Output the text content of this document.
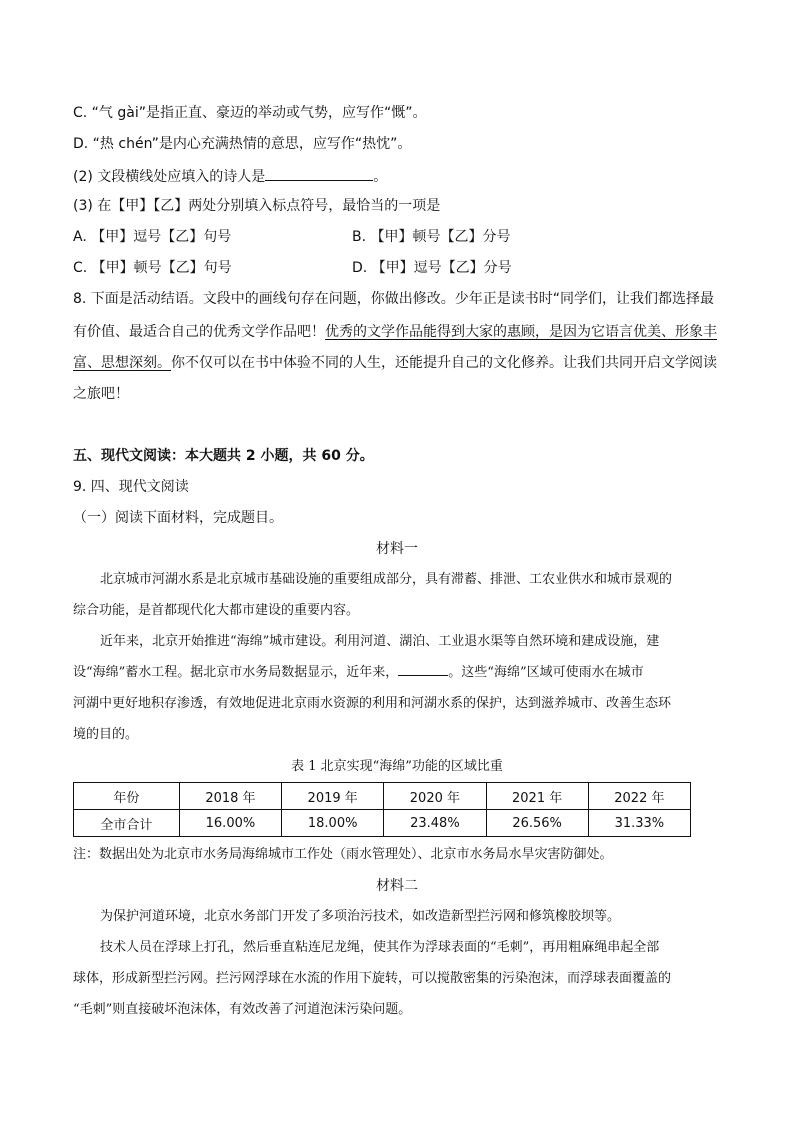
C. “气 gài”是指正直、豪迈的举动或气势，应写作“慨”。
D. “热 chén”是内心充满热情的意思，应写作“热忱”。
(2) 文段横线处应填入的诗人是	。
(3) 在【甲】【乙】两处分别填入标点符号，最恰当的一项是
A. 【甲】逗号【乙】句号	B. 【甲】顿号【乙】分号
C. 【甲】顿号【乙】句号	D. 【甲】逗号【乙】分号
8. 下面是活动结语。文段中的画线句存在问题，你做出修改。少年正是读书时“同学们，让我们都选择最
有价值、最适合自己的优秀文学作品吧！优秀的文学作品能得到大家的惠顾，是因为它语言优美、形象丰
富、思想深刻。你不仅可以在书中体验不同的人生，还能提升自己的文化修养。让我们共同开启文学阅读
之旅吧！
五、现代文阅读：本大题共 2 小题，共 60 分。
9. 四、现代文阅读
（一）阅读下面材料，完成题目。
材料一
北京城市河湖水系是北京城市基础设施的重要组成部分，具有滞蓄、排泄、工农业供水和城市景观的
综合功能，是首都现代化大都市建设的重要内容。
近年来，北京开始推进“海绵”城市建设。利用河道、湖泊、工业退水渠等自然环境和建成设施，建
设“海绵”蓄水工程。据北京市水务局数据显示，近年来，	。这些“海绵”区域可使雨水在城市
河湖中更好地积存渗透，有效地促进北京雨水资源的利用和河湖水系的保护，达到滋养城市、改善生态环
境的目的。
表 1 北京实现“海绵”功能的区域比重
年份	2018 年	2019 年	2020 年	2021 年	2022 年
全市合计	16.00%	18.00%	23.48%	26.56%	31.33%
注：数据出处为北京市水务局海绵城市工作处（雨水管理处）、北京市水务局水旱灾害防御处。
材料二
为保护河道环境，北京水务部门开发了多项治污技术，如改造新型拦污网和修筑橡胶坝等。
技术人员在浮球上打孔，然后垂直粘连尼龙绳，使其作为浮球表面的“毛刺”，再用粗麻绳串起全部
球体，形成新型拦污网。拦污网浮球在水流的作用下旋转，可以搅散密集的污染泡沫，而浮球表面覆盖的
“毛刺”则直接破坏泡沫体，有效改善了河道泡沫污染问题。
